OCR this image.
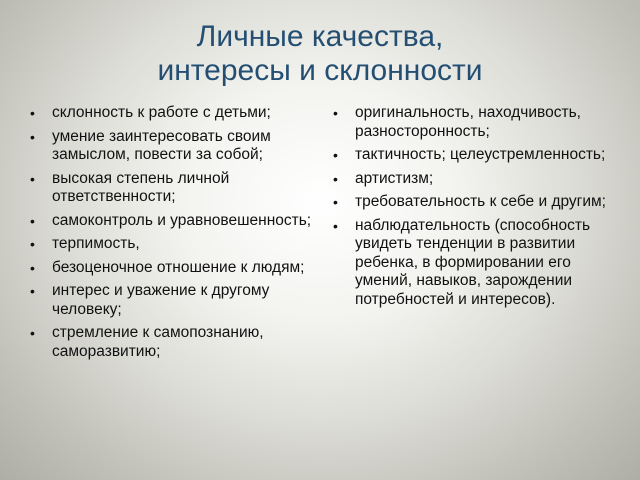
Личные качества,
интересы и склонности
• склонность к работе с детьми;
• умение заинтересовать своим замыслом, повести за собой;
• высокая степень личной ответственности;
• самоконтроль и уравновешенность;
• терпимость,
• безоценочное отношение к людям;
• интерес и уважение к другому человеку;
• стремление к самопознанию, саморазвитию;
• оригинальность, находчивость, разносторонность;
• тактичность; целеустремленность;
• артистизм;
• требовательность к себе и другим;
• наблюдательность (способность увидеть тенденции в развитии ребенка, в формировании его умений, навыков, зарождении потребностей и интересов).
